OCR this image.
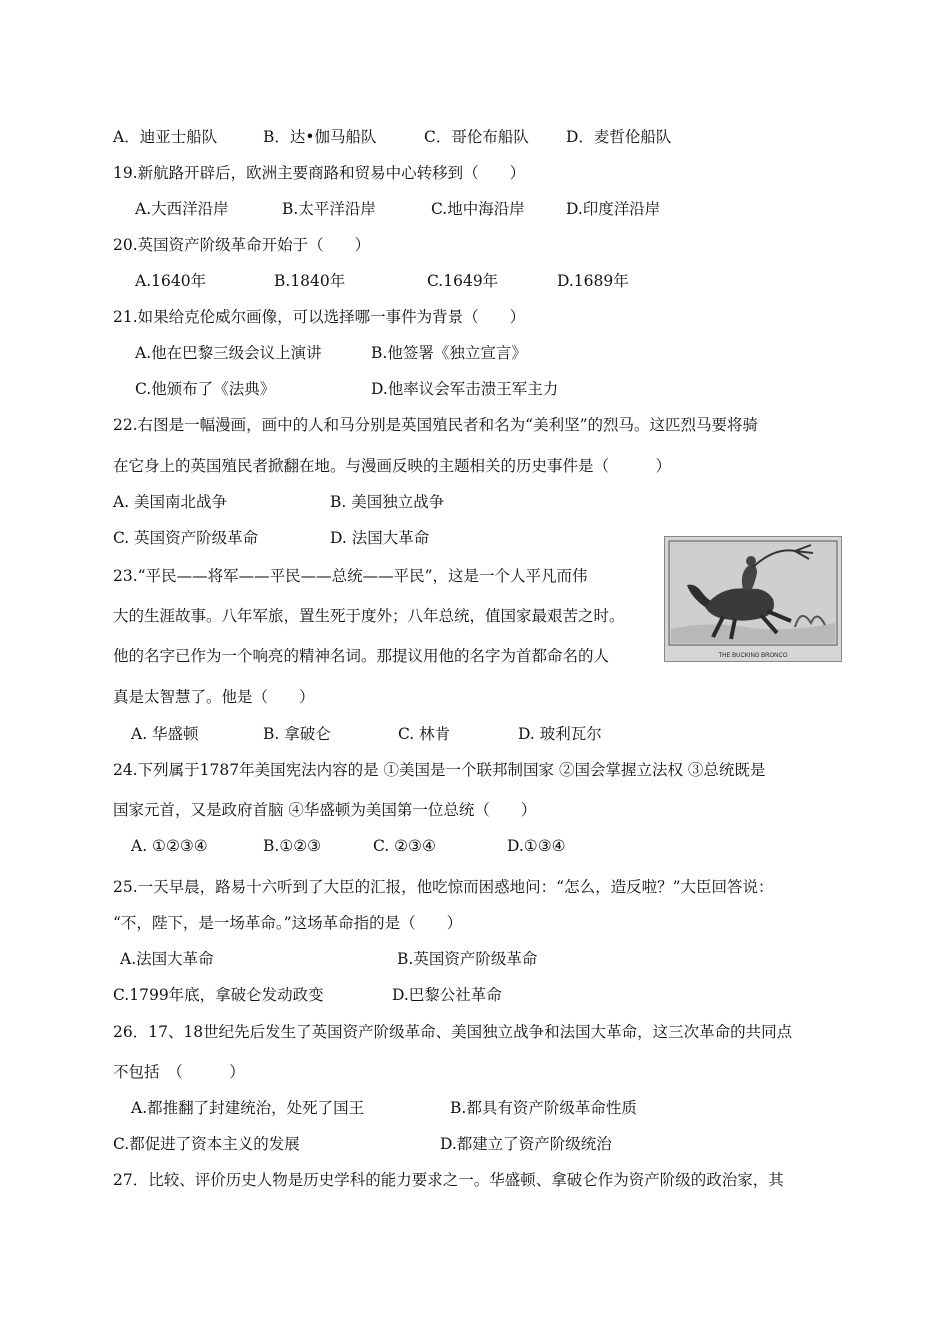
A．迪亚士船队	B．达•伽马船队	C．哥伦布船队 D．麦哲伦船队
19.新航路开辟后，欧洲主要商路和贸易中心转移到（　　）
A.大西洋沿岸	B.太平洋沿岸	C.地中海沿岸	D.印度洋沿岸
20.英国资产阶级革命开始于（　　）
A.1640年	B.1840年	C.1649年	D.1689年
21.如果给克伦威尔画像，可以选择哪一事件为背景（　　）
A.他在巴黎三级会议上演讲	B.他签署《独立宣言》
C.他颁布了《法典》	D.他率议会军击溃王军主力
22.右图是一幅漫画，画中的人和马分别是英国殖民者和名为“美利坚”的烈马。这匹烈马要将骑
在它身上的英国殖民者掀翻在地。与漫画反映的主题相关的历史事件是（　　　）
A. 美国南北战争	B. 美国独立战争
C. 英国资产阶级革命	D. 法国大革命
23.“平民——将军——平民——总统——平民”，这是一个人平凡而伟
大的生涯故事。八年军旅，置生死于度外；八年总统，值国家最艰苦之时。
他的名字已作为一个响亮的精神名词。那提议用他的名字为首都命名的人
真是太智慧了。他是（　　）
A. 华盛顿	B. 拿破仑	C. 林肯	D. 玻利瓦尔
24.下列属于1787年美国宪法内容的是 ①美国是一个联邦制国家 ②国会掌握立法权 ③总统既是
国家元首，又是政府首脑 ④华盛顿为美国第一位总统（　　）
A. ①②③④	B.①②③	C. ②③④	D.①③④
25.一天早晨，路易十六听到了大臣的汇报，他吃惊而困惑地问：“怎么，造反啦？”大臣回答说：
“不，陛下，是一场革命。”这场革命指的是（　　）
A.法国大革命	B.英国资产阶级革命
C.1799年底，拿破仑发动政变	D.巴黎公社革命
26．17、18世纪先后发生了英国资产阶级革命、美国独立战争和法国大革命，这三次革命的共同点
不包括　（　　　）
A.都推翻了封建统治，处死了国王	B.都具有资产阶级革命性质
C.都促进了资本主义的发展	D.都建立了资产阶级统治
27．比较、评价历史人物是历史学科的能力要求之一。华盛顿、拿破仑作为资产阶级的政治家，其
THE BUCKING BRONCO
